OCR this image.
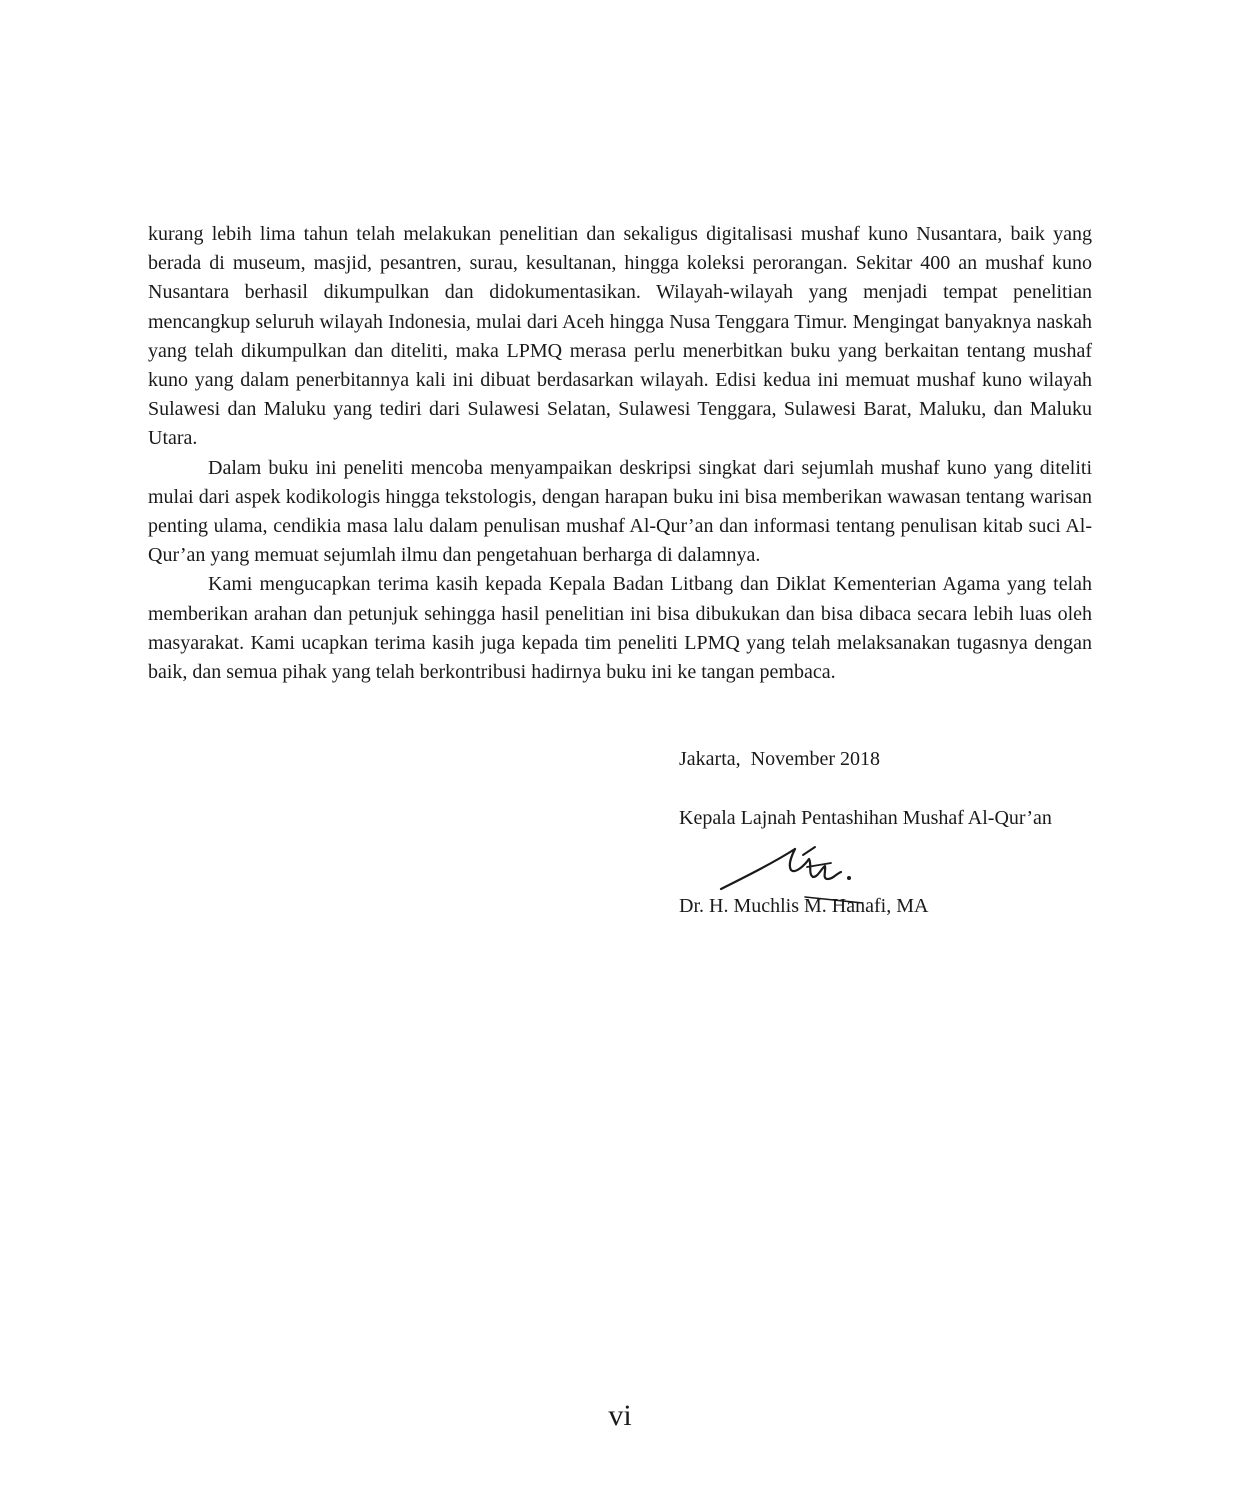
kurang lebih lima tahun telah melakukan penelitian dan sekaligus digitalisasi mushaf kuno Nusantara, baik yang berada di museum, masjid, pesantren, surau, kesultanan, hingga koleksi perorangan. Sekitar 400 an mushaf kuno Nusantara berhasil dikumpulkan dan didokumentasikan. Wilayah-wilayah yang menjadi tempat penelitian mencangkup seluruh wilayah Indonesia, mulai dari Aceh hingga Nusa Tenggara Timur. Mengingat banyaknya naskah yang telah dikumpulkan dan diteliti, maka LPMQ merasa perlu menerbitkan buku yang berkaitan tentang mushaf kuno yang dalam penerbitannya kali ini dibuat berdasarkan wilayah. Edisi kedua ini memuat mushaf kuno wilayah Sulawesi dan Maluku yang tediri dari Sulawesi Selatan, Sulawesi Tenggara, Sulawesi Barat, Maluku, dan Maluku Utara.

Dalam buku ini peneliti mencoba menyampaikan deskripsi singkat dari sejumlah mushaf kuno yang diteliti mulai dari aspek kodikologis hingga tekstologis, dengan harapan buku ini bisa memberikan wawasan tentang warisan penting ulama, cendikia masa lalu dalam penulisan mushaf Al-Qur’an dan informasi tentang penulisan kitab suci Al-Qur’an yang memuat sejumlah ilmu dan pengetahuan berharga di dalamnya.

Kami mengucapkan terima kasih kepada Kepala Badan Litbang dan Diklat Kementerian Agama yang telah memberikan arahan dan petunjuk sehingga hasil penelitian ini bisa dibukukan dan bisa dibaca secara lebih luas oleh masyarakat. Kami ucapkan terima kasih juga kepada tim peneliti LPMQ yang telah melaksanakan tugasnya dengan baik, dan semua pihak yang telah berkontribusi hadirnya buku ini ke tangan pembaca.

Jakarta,  November 2018
Kepala Lajnah Pentashihan Mushaf Al-Qur’an
Dr. H. Muchlis M. Hanafi, MA
vi
